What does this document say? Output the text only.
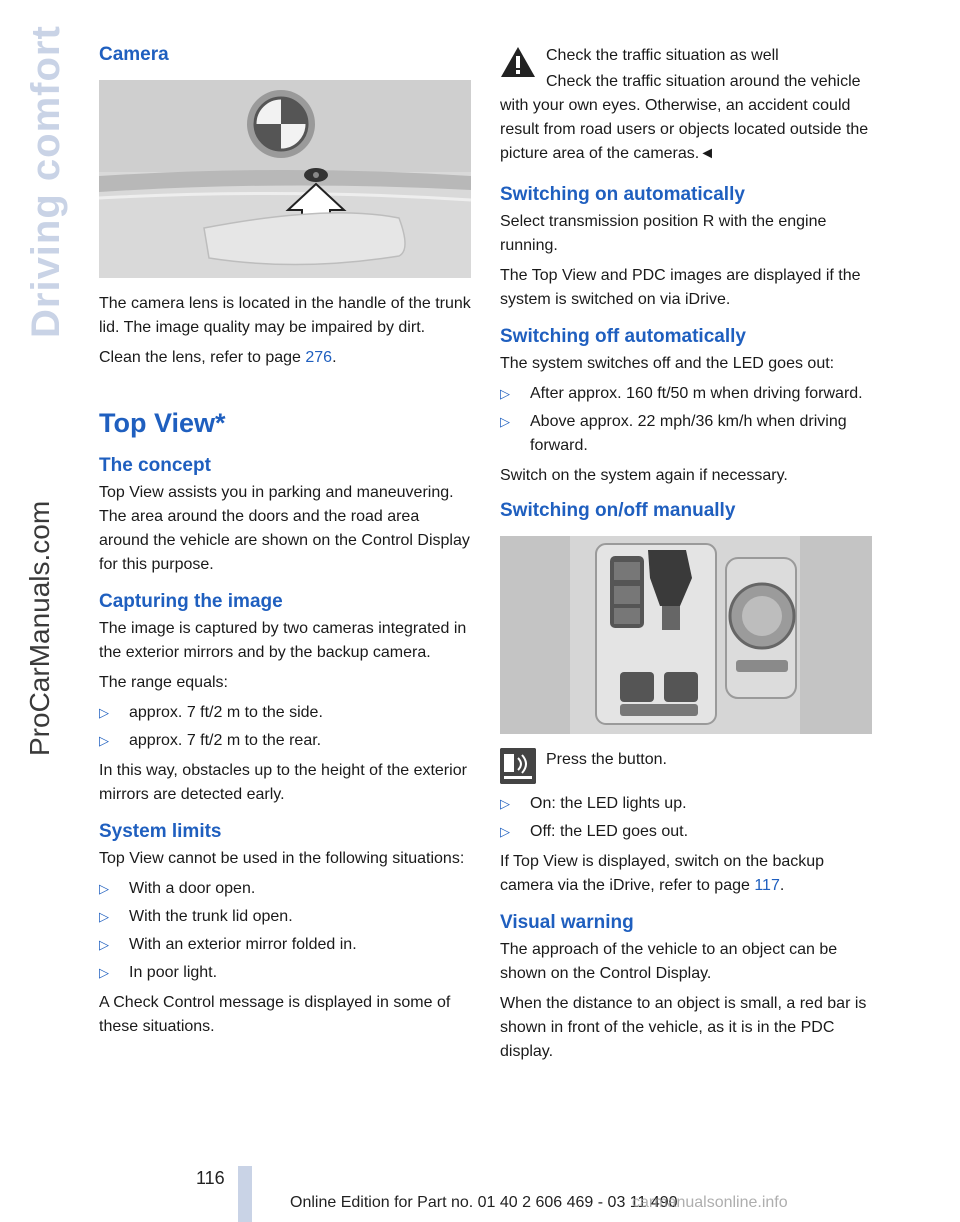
Driving comfort
ProCarManuals.com
Camera

The camera lens is located in the handle of the trunk lid. The image quality may be impaired by dirt.

Clean the lens, refer to page 276.

Top View*
The concept

Top View assists you in parking and maneuvering. The area around the doors and the road area around the vehicle are shown on the Control Display for this purpose.

Capturing the image

The image is captured by two cameras integrated in the exterior mirrors and by the backup camera.

The range equals:

▷ approx. 7 ft/2 m to the side.
▷ approx. 7 ft/2 m to the rear.

In this way, obstacles up to the height of the exterior mirrors are detected early.

System limits

Top View cannot be used in the following situations:

▷ With a door open.
▷ With the trunk lid open.
▷ With an exterior mirror folded in.
▷ In poor light.

A Check Control message is displayed in some of these situations.

Check the traffic situation as well

Check the traffic situation around the vehicle with your own eyes. Otherwise, an accident could result from road users or objects located outside the picture area of the cameras.◄

Switching on automatically

Select transmission position R with the engine running.

The Top View and PDC images are displayed if the system is switched on via iDrive.

Switching off automatically

The system switches off and the LED goes out:

▷ After approx. 160 ft/50 m when driving forward.
▷ Above approx. 22 mph/36 km/h when driving forward.

Switch on the system again if necessary.

Switching on/off manually

Press the button.

▷ On: the LED lights up.
▷ Off: the LED goes out.

If Top View is displayed, switch on the backup camera via the iDrive, refer to page 117.

Visual warning

The approach of the vehicle to an object can be shown on the Control Display.

When the distance to an object is small, a red bar is shown in front of the vehicle, as it is in the PDC display.

116
Online Edition for Part no. 01 40 2 606 469 - 03 11 490
carmanualsonline.info
